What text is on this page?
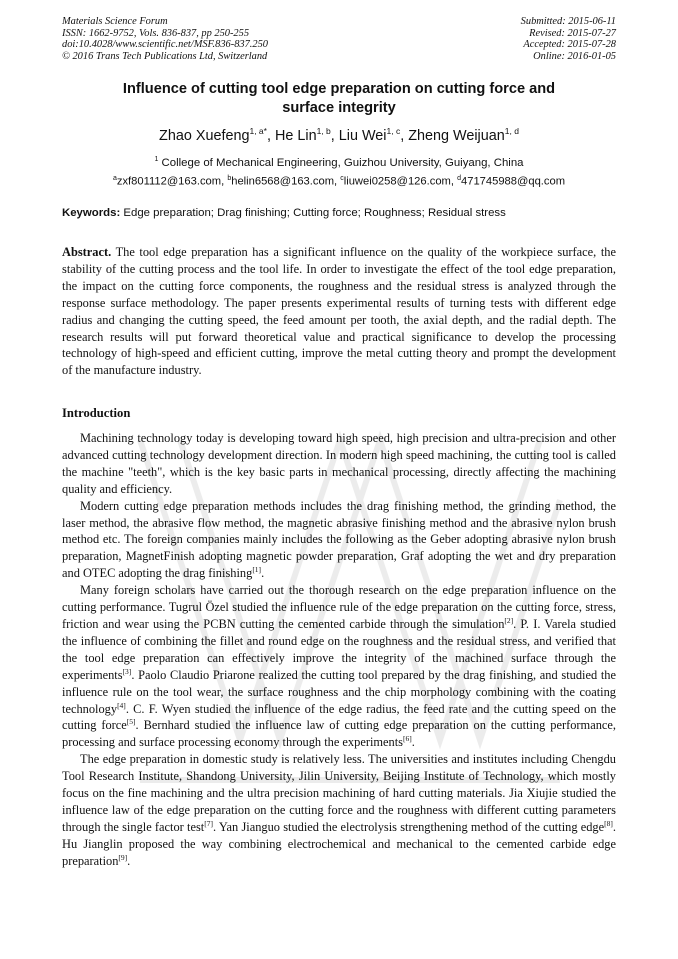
Materials Science Forum
ISSN: 1662-9752, Vols. 836-837, pp 250-255
doi:10.4028/www.scientific.net/MSF.836-837.250
© 2016 Trans Tech Publications Ltd, Switzerland
Submitted: 2015-06-11
Revised: 2015-07-27
Accepted: 2015-07-28
Online: 2016-01-05
Influence of cutting tool edge preparation on cutting force and
surface integrity
Zhao Xuefeng$^{1, a*}$, He Lin$^{1, b}$, Liu Wei$^{1, c}$, Zheng Weijuan$^{1, d}$
$^1$ College of Mechanical Engineering, Guizhou University, Guiyang, China
$^a$zxf801112@163.com, $^b$helin6568@163.com, $^c$liuwei0258@126.com, $^d$471745988@qq.com
Keywords: Edge preparation; Drag finishing; Cutting force; Roughness; Residual stress
Abstract. The tool edge preparation has a significant influence on the quality of the workpiece surface, the stability of the cutting process and the tool life. In order to investigate the effect of the tool edge preparation, the impact on the cutting force components, the roughness and the residual stress is analyzed through the response surface methodology. The paper presents experimental results of turning tests with different edge radius and changing the cutting speed, the feed amount per tooth, the axial depth, and the radial depth. The research results will put forward theoretical value and practical significance to develop the processing technology of high-speed and efficient cutting, improve the metal cutting theory and prompt the development of the manufacture industry.
Introduction

Machining technology today is developing toward high speed, high precision and ultra-precision and other advanced cutting technology development direction. In modern high speed machining, the cutting tool is called the machine "teeth", which is the key basic parts in mechanical processing, directly affecting the machining quality and efficiency.

Modern cutting edge preparation methods includes the drag finishing method, the grinding method, the laser method, the abrasive flow method, the magnetic abrasive finishing method and the abrasive nylon brush method etc. The foreign companies mainly includes the following as the Geber adopting abrasive nylon brush preparation, MagnetFinish adopting magnetic powder preparation, Graf adopting the wet and dry preparation and OTEC adopting the drag finishing[1].

Many foreign scholars have carried out the thorough research on the edge preparation influence on the cutting performance. Tugrul Özel studied the influence rule of the edge preparation on the cutting force, stress, friction and wear using the PCBN cutting the cemented carbide through the simulation[2]. P. I. Varela studied the influence of combining the fillet and round edge on the roughness and the residual stress, and verified that the tool edge preparation can effectively improve the integrity of the machined surface through the experiments[3]. Paolo Claudio Priarone realized the cutting tool prepared by the drag finishing, and studied the influence rule on the tool wear, the surface roughness and the chip morphology combining with the coating technology[4]. C. F. Wyen studied the influence of the edge radius, the feed rate and the cutting speed on the cutting force[5]. Bernhard studied the influence law of cutting edge preparation on the cutting performance, processing and surface processing economy through the experiments[6].

The edge preparation in domestic study is relatively less. The universities and institutes including Chengdu Tool Research Institute, Shandong University, Jilin University, Beijing Institute of Technology, which mostly focus on the fine machining and the ultra precision machining of hard cutting materials. Jia Xiujie studied the influence law of the edge preparation on the cutting force and the roughness with different cutting parameters through the single factor test[7]. Yan Jianguo studied the electrolysis strengthening method of the cutting edge[8]. Hu Jianglin proposed the way combining electrochemical and mechanical to the cemented carbide edge preparation[9].
